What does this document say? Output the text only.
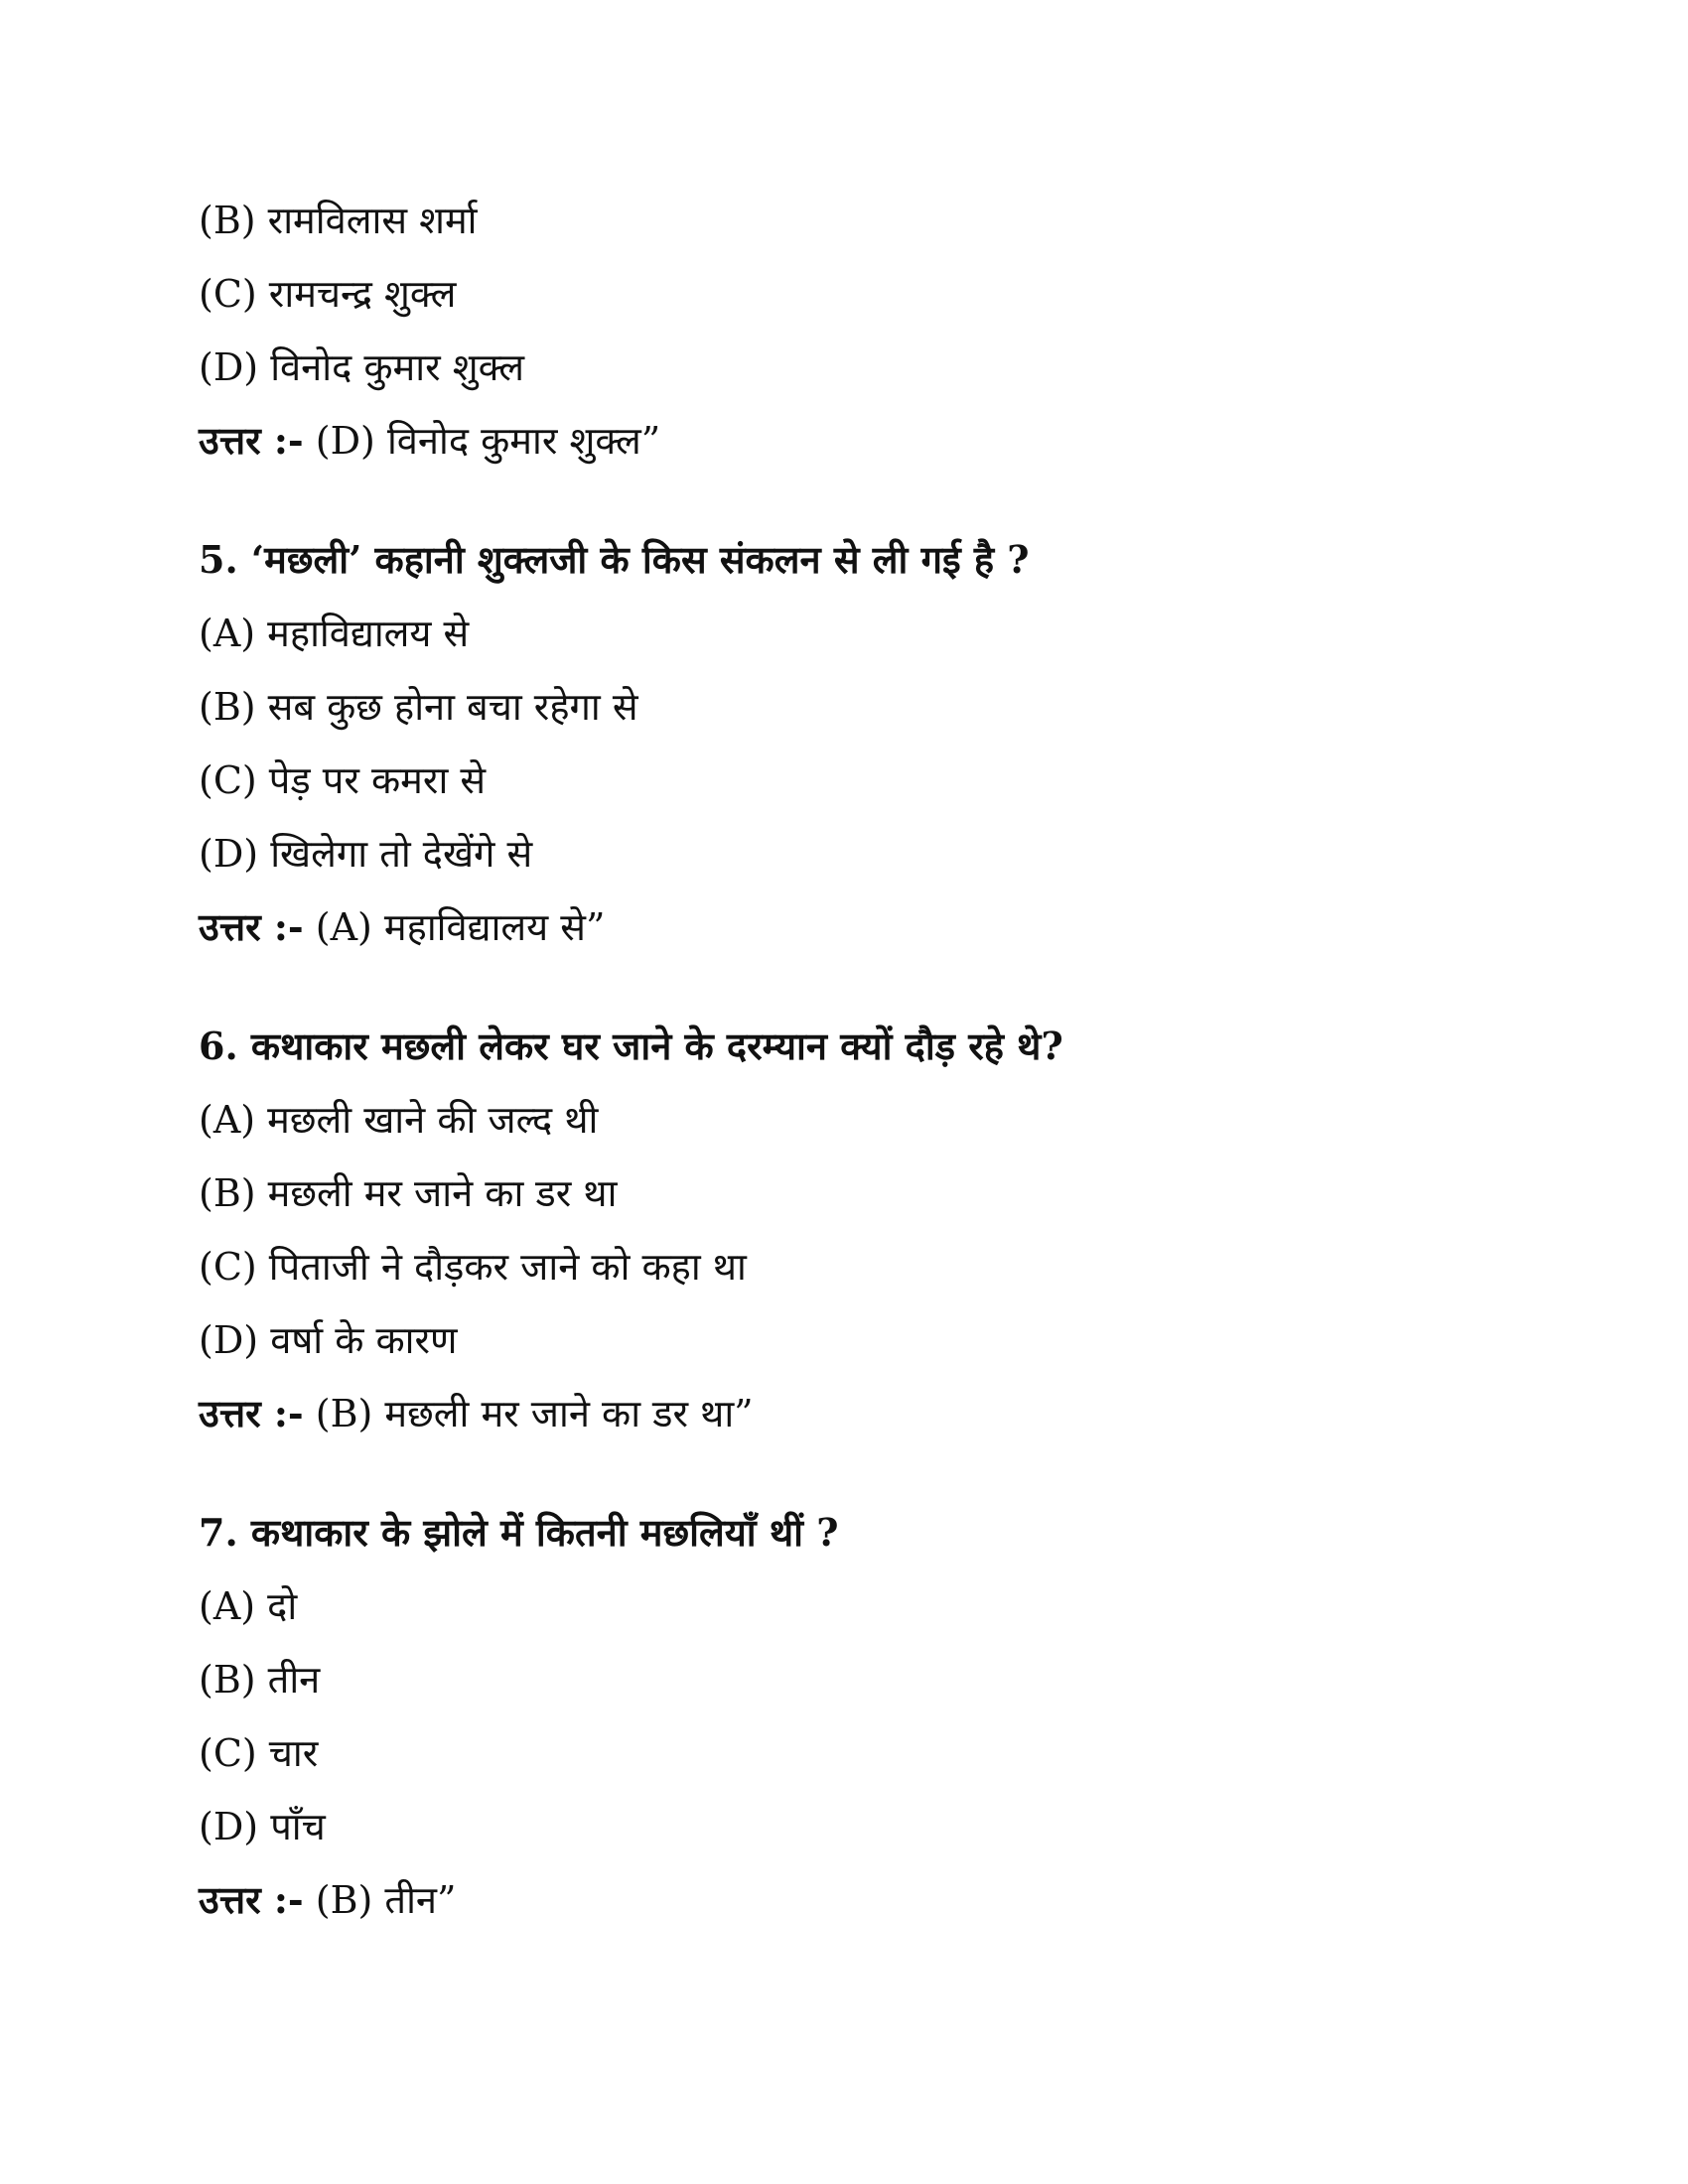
(B) रामविलास शर्मा
(C) रामचन्द्र शुक्ल
(D) विनोद कुमार शुक्ल
उत्तर :- (D) विनोद कुमार शुक्ल”
5. ‘मछली’ कहानी शुक्लजी के किस संकलन से ली गई है ?
(A) महाविद्यालय से
(B) सब कुछ होना बचा रहेगा से
(C) पेड़ पर कमरा से
(D) खिलेगा तो देखेंगे से
उत्तर :- (A) महाविद्यालय से”
6. कथाकार मछली लेकर घर जाने के दरम्यान क्यों दौड़ रहे थे?
(A) मछली खाने की जल्द थी
(B) मछली मर जाने का डर था
(C) पिताजी ने दौड़कर जाने को कहा था
(D) वर्षा के कारण
उत्तर :- (B) मछली मर जाने का डर था”
7. कथाकार के झोले में कितनी मछलियाँ थीं ?
(A) दो
(B) तीन
(C) चार
(D) पाँच
उत्तर :- (B) तीन”
